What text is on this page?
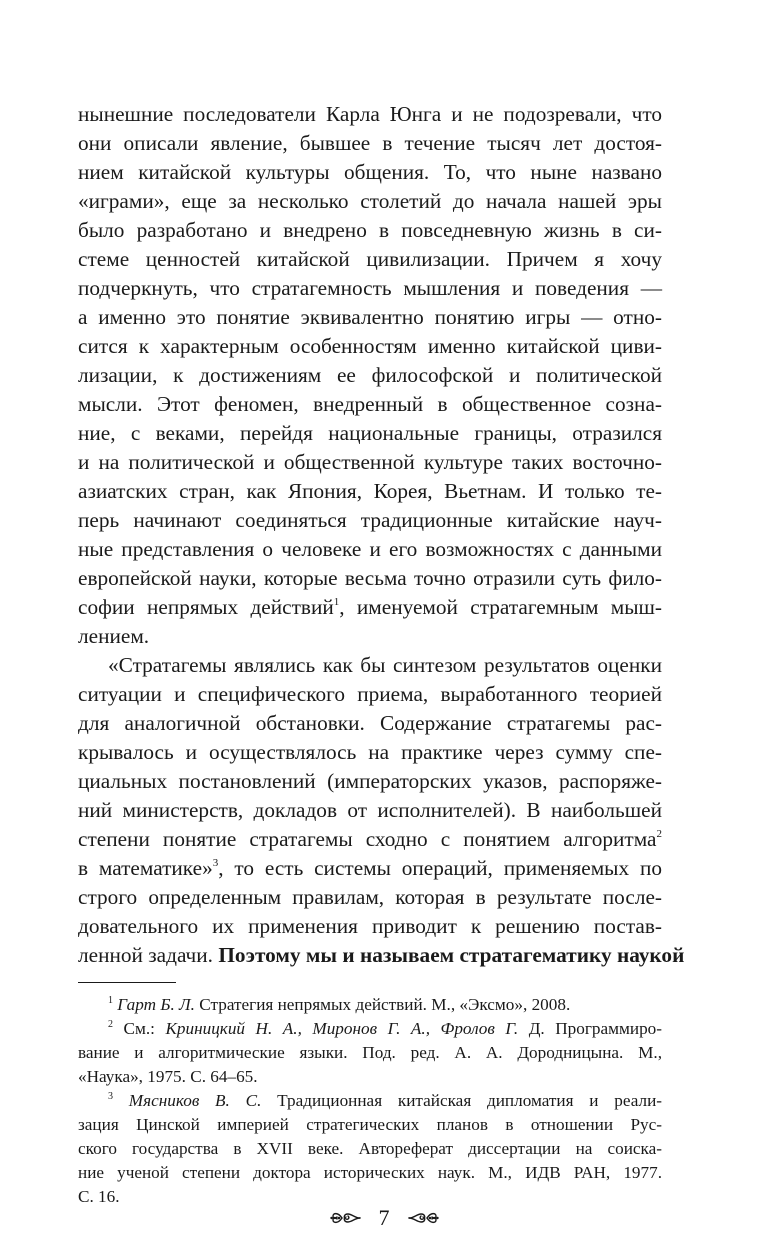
нынешние последователи Карла Юнга и не подозревали, что
они описали явление, бывшее в течение тысяч лет достоя-
нием китайской культуры общения. То, что ныне названо
«играми», еще за несколько столетий до начала нашей эры
было разработано и внедрено в повседневную жизнь в си-
стеме ценностей китайской цивилизации. Причем я хочу
подчеркнуть, что стратагемность мышления и поведения —
а именно это понятие эквивалентно понятию игры — отно-
сится к характерным особенностям именно китайской циви-
лизации, к достижениям ее философской и политической
мысли. Этот феномен, внедренный в общественное созна-
ние, с веками, перейдя национальные границы, отразился
и на политической и общественной культуре таких восточно-
азиатских стран, как Япония, Корея, Вьетнам. И только те-
перь начинают соединяться традиционные китайские науч-
ные представления о человеке и его возможностях с данными
европейской науки, которые весьма точно отразили суть фило-
софии непрямых действий$^1$, именуемой стратагемным мыш-
лением.
«Стратагемы являлись как бы синтезом результатов оценки
ситуации и специфического приема, выработанного теорией
для аналогичной обстановки. Содержание стратагемы рас-
крывалось и осуществлялось на практике через сумму спе-
циальных постановлений (императорских указов, распоряже-
ний министерств, докладов от исполнителей). В наибольшей
степени понятие стратагемы сходно с понятием алгоритма$^2$
в математике»$^3$, то есть системы операций, применяемых по
строго определенным правилам, которая в результате после-
довательного их применения приводит к решению постав-
ленной задачи. Поэтому мы и называем стратагематику наукой
$^1$ Гарт Б. Л. Стратегия непрямых действий. М., «Эксмо», 2008.
$^2$ См.: Криницкий Н. А., Миронов Г. А., Фролов Г. Д. Программиро-
вание и алгоритмические языки. Под. ред. А. А. Дородницына. М.,
«Наука», 1975. С. 64–65.
$^3$ Мясников В. С. Традиционная китайская дипломатия и реали-
зация Цинской империей стратегических планов в отношении Рус-
ского государства в XVII веке. Автореферат диссертации на соиска-
ние ученой степени доктора исторических наук. М., ИДВ РАН, 1977.
С. 16.
7
